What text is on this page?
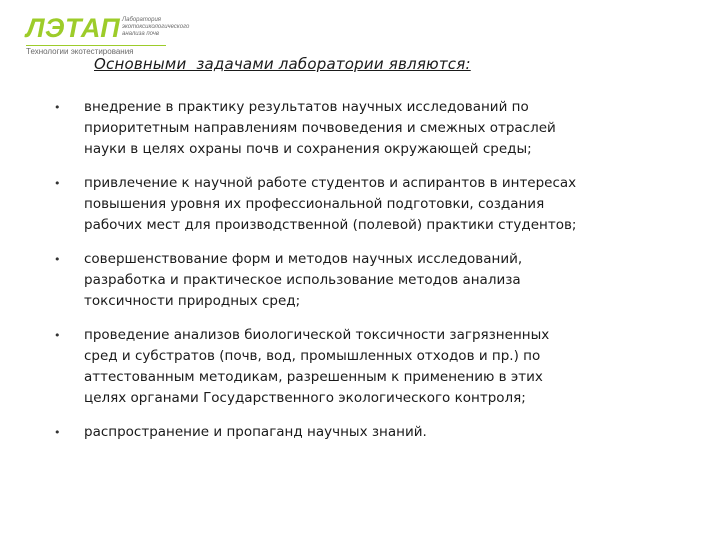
ЛЭТАП Лаборатория
экотоксикологического
анализа почв
Технологии экотестирования
Основными  задачами лаборатории являются:
• внедрение в практику результатов научных исследований по
приоритетным направлениям почвоведения и смежных отраслей
науки в целях охраны почв и сохранения окружающей среды;
• привлечение к научной работе студентов и аспирантов в интересах
повышения уровня их профессиональной подготовки, создания
рабочих мест для производственной (полевой) практики студентов;
• совершенствование форм и методов научных исследований,
разработка и практическое использование методов анализа
токсичности природных сред;
• проведение анализов биологической токсичности загрязненных
сред и субстратов (почв, вод, промышленных отходов и пр.) по
аттестованным методикам, разрешенным к применению в этих
целях органами Государственного экологического контроля;
• распространение и пропаганд научных знаний.
